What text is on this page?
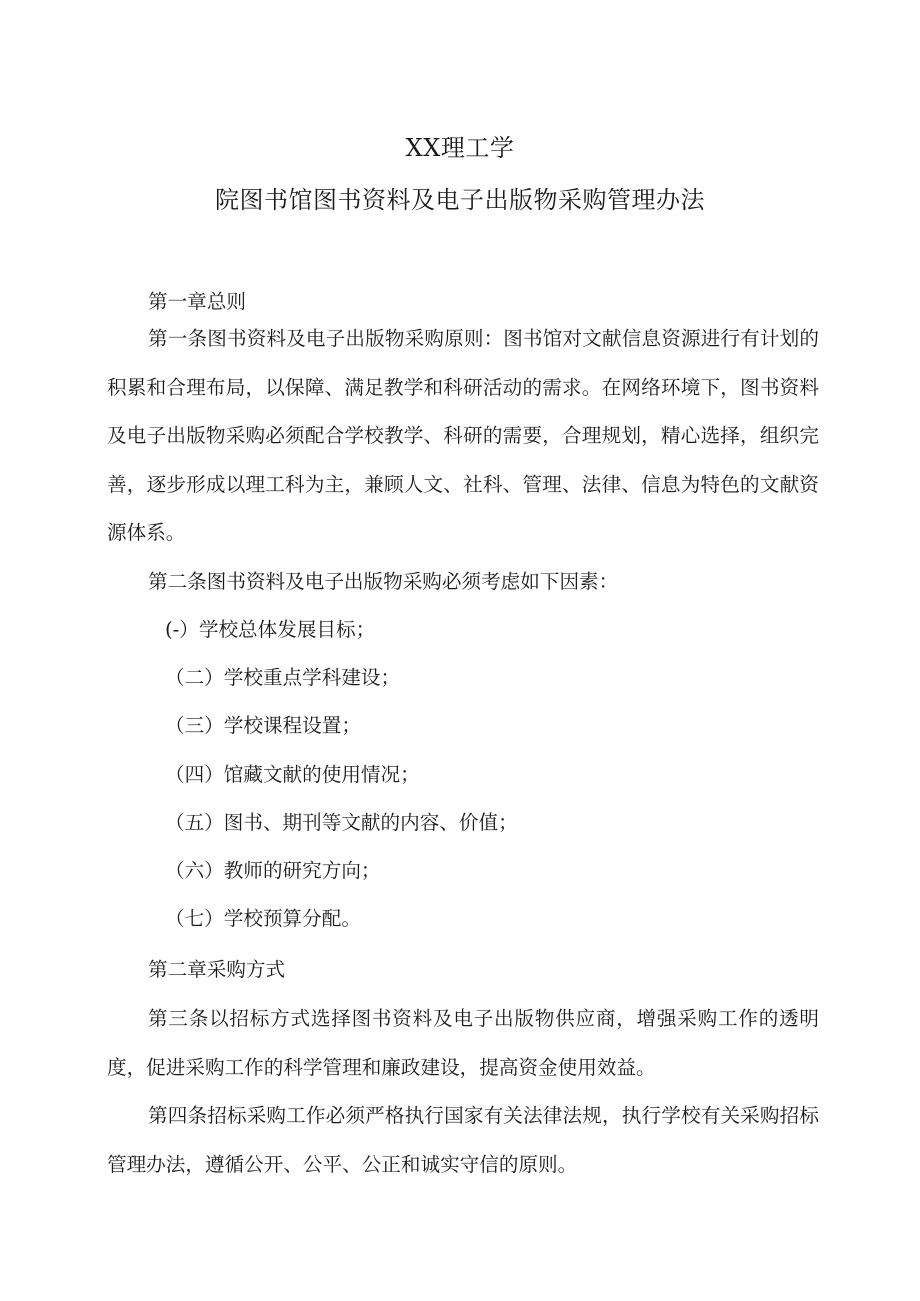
XX理工学
院图书馆图书资料及电子出版物采购管理办法

第一章总则

第一条图书资料及电子出版物采购原则：图书馆对文献信息资源进行有计划的积累和合理布局，以保障、满足教学和科研活动的需求。在网络环境下，图书资料及电子出版物采购必须配合学校教学、科研的需要，合理规划，精心选择，组织完善，逐步形成以理工科为主，兼顾人文、社科、管理、法律、信息为特色的文献资源体系。

第二条图书资料及电子出版物采购必须考虑如下因素：

(-）学校总体发展目标；
（二）学校重点学科建设；
（三）学校课程设置；
（四）馆藏文献的使用情况；
（五）图书、期刊等文献的内容、价值；
（六）教师的研究方向；
（七）学校预算分配。

第二章采购方式

第三条以招标方式选择图书资料及电子出版物供应商，增强采购工作的透明度，促进采购工作的科学管理和廉政建设，提高资金使用效益。

第四条招标采购工作必须严格执行国家有关法律法规，执行学校有关采购招标管理办法，遵循公开、公平、公正和诚实守信的原则。
